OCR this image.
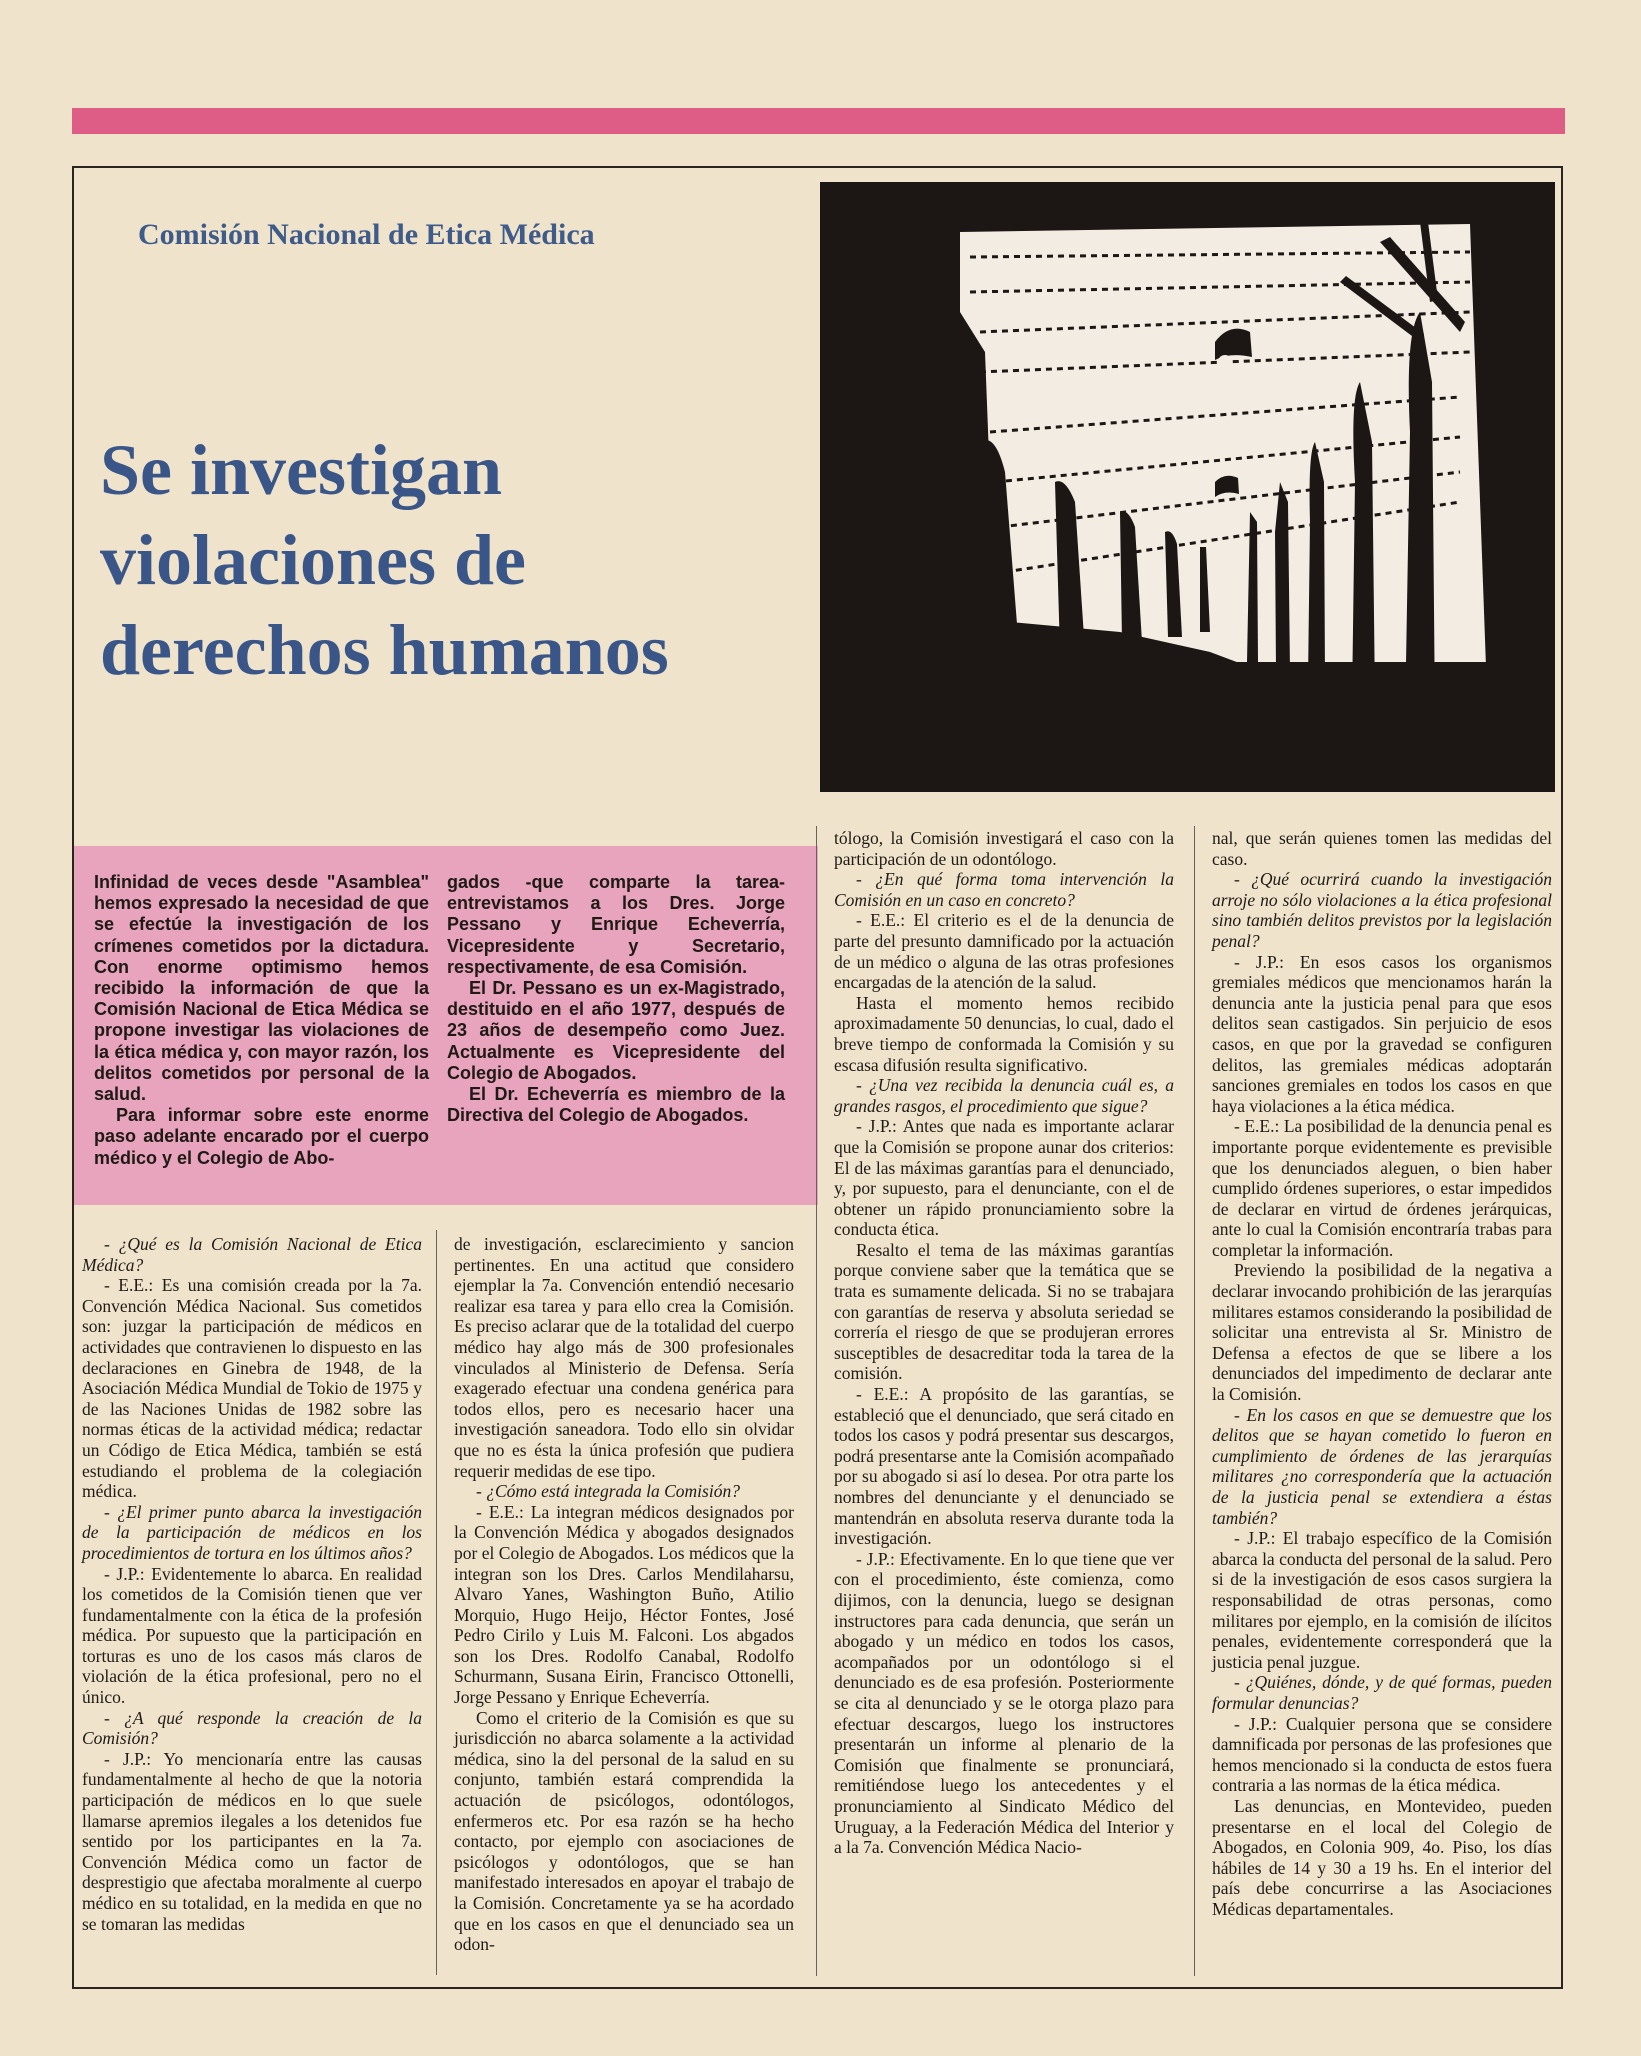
Comisión Nacional de Etica Médica
Se investigan
violaciones de
derechos humanos

Infinidad de veces desde "Asamblea" hemos expresado la necesidad de que se efectúe la investigación de los crímenes cometidos por la dictadura. Con enorme optimismo hemos recibido la información de que la Comisión Nacional de Etica Médica se propone investigar las violaciones de la ética médica y, con mayor razón, los delitos cometidos por personal de la salud.

Para informar sobre este enorme paso adelante encarado por el cuerpo médico y el Colegio de Abo-

gados -que comparte la tarea- entrevistamos a los Dres. Jorge Pessano y Enrique Echeverría, Vicepresidente y Secretario, respectivamente, de esa Comisión.

El Dr. Pessano es un ex-Magistrado, destituido en el año 1977, después de 23 años de desempeño como Juez. Actualmente es Vicepresidente del Colegio de Abogados.

El Dr. Echeverría es miembro de la Directiva del Colegio de Abogados.

- ¿Qué es la Comisión Nacional de Etica Médica?

- E.E.: Es una comisión creada por la 7a. Convención Médica Nacional. Sus cometidos son: juzgar la participación de médicos en actividades que contravienen lo dispuesto en las declaraciones en Ginebra de 1948, de la Asociación Médica Mundial de Tokio de 1975 y de las Naciones Unidas de 1982 sobre las normas éticas de la actividad médica; redactar un Código de Etica Médica, también se está estudiando el problema de la colegiación médica.

- ¿El primer punto abarca la investigación de la participación de médicos en los procedimientos de tortura en los últimos años?

- J.P.: Evidentemente lo abarca. En realidad los cometidos de la Comisión tienen que ver fundamentalmente con la ética de la profesión médica. Por supuesto que la participación en torturas es uno de los casos más claros de violación de la ética profesional, pero no el único.

- ¿A qué responde la creación de la Comisión?

- J.P.: Yo mencionaría entre las causas fundamentalmente al hecho de que la notoria participación de médicos en lo que suele llamarse apremios ilegales a los detenidos fue sentido por los participantes en la 7a. Convención Médica como un factor de desprestigio que afectaba moralmente al cuerpo médico en su totalidad, en la medida en que no se tomaran las medidas

de investigación, esclarecimiento y sancion pertinentes. En una actitud que considero ejemplar la 7a. Convención entendió necesario realizar esa tarea y para ello crea la Comisión. Es preciso aclarar que de la totalidad del cuerpo médico hay algo más de 300 profesionales vinculados al Ministerio de Defensa. Sería exagerado efectuar una condena genérica para todos ellos, pero es necesario hacer una investigación saneadora. Todo ello sin olvidar que no es ésta la única profesión que pudiera requerir medidas de ese tipo.

- ¿Cómo está integrada la Comisión?

- E.E.: La integran médicos designados por la Convención Médica y abogados designados por el Colegio de Abogados. Los médicos que la integran son los Dres. Carlos Mendilaharsu, Alvaro Yanes, Washington Buño, Atilio Morquio, Hugo Heijo, Héctor Fontes, José Pedro Cirilo y Luis M. Falconi. Los abgados son los Dres. Rodolfo Canabal, Rodolfo Schurmann, Susana Eirin, Francisco Ottonelli, Jorge Pessano y Enrique Echeverría.

Como el criterio de la Comisión es que su jurisdicción no abarca solamente a la actividad médica, sino la del personal de la salud en su conjunto, también estará comprendida la actuación de psicólogos, odontólogos, enfermeros etc. Por esa razón se ha hecho contacto, por ejemplo con asociaciones de psicólogos y odontólogos, que se han manifestado interesados en apoyar el trabajo de la Comisión. Concretamente ya se ha acordado que en los casos en que el denunciado sea un odon-

tólogo, la Comisión investigará el caso con la participación de un odontólogo.

- ¿En qué forma toma intervención la Comisión en un caso en concreto?

- E.E.: El criterio es el de la denuncia de parte del presunto damnificado por la actuación de un médico o alguna de las otras profesiones encargadas de la atención de la salud.

Hasta el momento hemos recibido aproximadamente 50 denuncias, lo cual, dado el breve tiempo de conformada la Comisión y su escasa difusión resulta significativo.

- ¿Una vez recibida la denuncia cuál es, a grandes rasgos, el procedimiento que sigue?

- J.P.: Antes que nada es importante aclarar que la Comisión se propone aunar dos criterios: El de las máximas garantías para el denunciado, y, por supuesto, para el denunciante, con el de obtener un rápido pronunciamiento sobre la conducta ética.

Resalto el tema de las máximas garantías porque conviene saber que la temática que se trata es sumamente delicada. Si no se trabajara con garantías de reserva y absoluta seriedad se correría el riesgo de que se produjeran errores susceptibles de desacreditar toda la tarea de la comisión.

- E.E.: A propósito de las garantías, se estableció que el denunciado, que será citado en todos los casos y podrá presentar sus descargos, podrá presentarse ante la Comisión acompañado por su abogado si así lo desea. Por otra parte los nombres del denunciante y el denunciado se mantendrán en absoluta reserva durante toda la investigación.

- J.P.: Efectivamente. En lo que tiene que ver con el procedimiento, éste comienza, como dijimos, con la denuncia, luego se designan instructores para cada denuncia, que serán un abogado y un médico en todos los casos, acompañados por un odontólogo si el denunciado es de esa profesión. Posteriormente se cita al denunciado y se le otorga plazo para efectuar descargos, luego los instructores presentarán un informe al plenario de la Comisión que finalmente se pronunciará, remitiéndose luego los antecedentes y el pronunciamiento al Sindicato Médico del Uruguay, a la Federación Médica del Interior y a la 7a. Convención Médica Nacio-

nal, que serán quienes tomen las medidas del caso.

- ¿Qué ocurrirá cuando la investigación arroje no sólo violaciones a la ética profesional sino también delitos previstos por la legislación penal?

- J.P.: En esos casos los organismos gremiales médicos que mencionamos harán la denuncia ante la justicia penal para que esos delitos sean castigados. Sin perjuicio de esos casos, en que por la gravedad se configuren delitos, las gremiales médicas adoptarán sanciones gremiales en todos los casos en que haya violaciones a la ética médica.

- E.E.: La posibilidad de la denuncia penal es importante porque evidentemente es previsible que los denunciados aleguen, o bien haber cumplido órdenes superiores, o estar impedidos de declarar en virtud de órdenes jerárquicas, ante lo cual la Comisión encontraría trabas para completar la información.

Previendo la posibilidad de la negativa a declarar invocando prohibición de las jerarquías militares estamos considerando la posibilidad de solicitar una entrevista al Sr. Ministro de Defensa a efectos de que se libere a los denunciados del impedimento de declarar ante la Comisión.

- En los casos en que se demuestre que los delitos que se hayan cometido lo fueron en cumplimiento de órdenes de las jerarquías militares ¿no correspondería que la actuación de la justicia penal se extendiera a éstas también?

- J.P.: El trabajo específico de la Comisión abarca la conducta del personal de la salud. Pero si de la investigación de esos casos surgiera la responsabilidad de otras personas, como militares por ejemplo, en la comisión de ilícitos penales, evidentemente corresponderá que la justicia penal juzgue.

- ¿Quiénes, dónde, y de qué formas, pueden formular denuncias?

- J.P.: Cualquier persona que se considere damnificada por personas de las profesiones que hemos mencionado si la conducta de estos fuera contraria a las normas de la ética médica.

Las denuncias, en Montevideo, pueden presentarse en el local del Colegio de Abogados, en Colonia 909, 4o. Piso, los días hábiles de 14 y 30 a 19 hs. En el interior del país debe concurrirse a las Asociaciones Médicas departamentales.
